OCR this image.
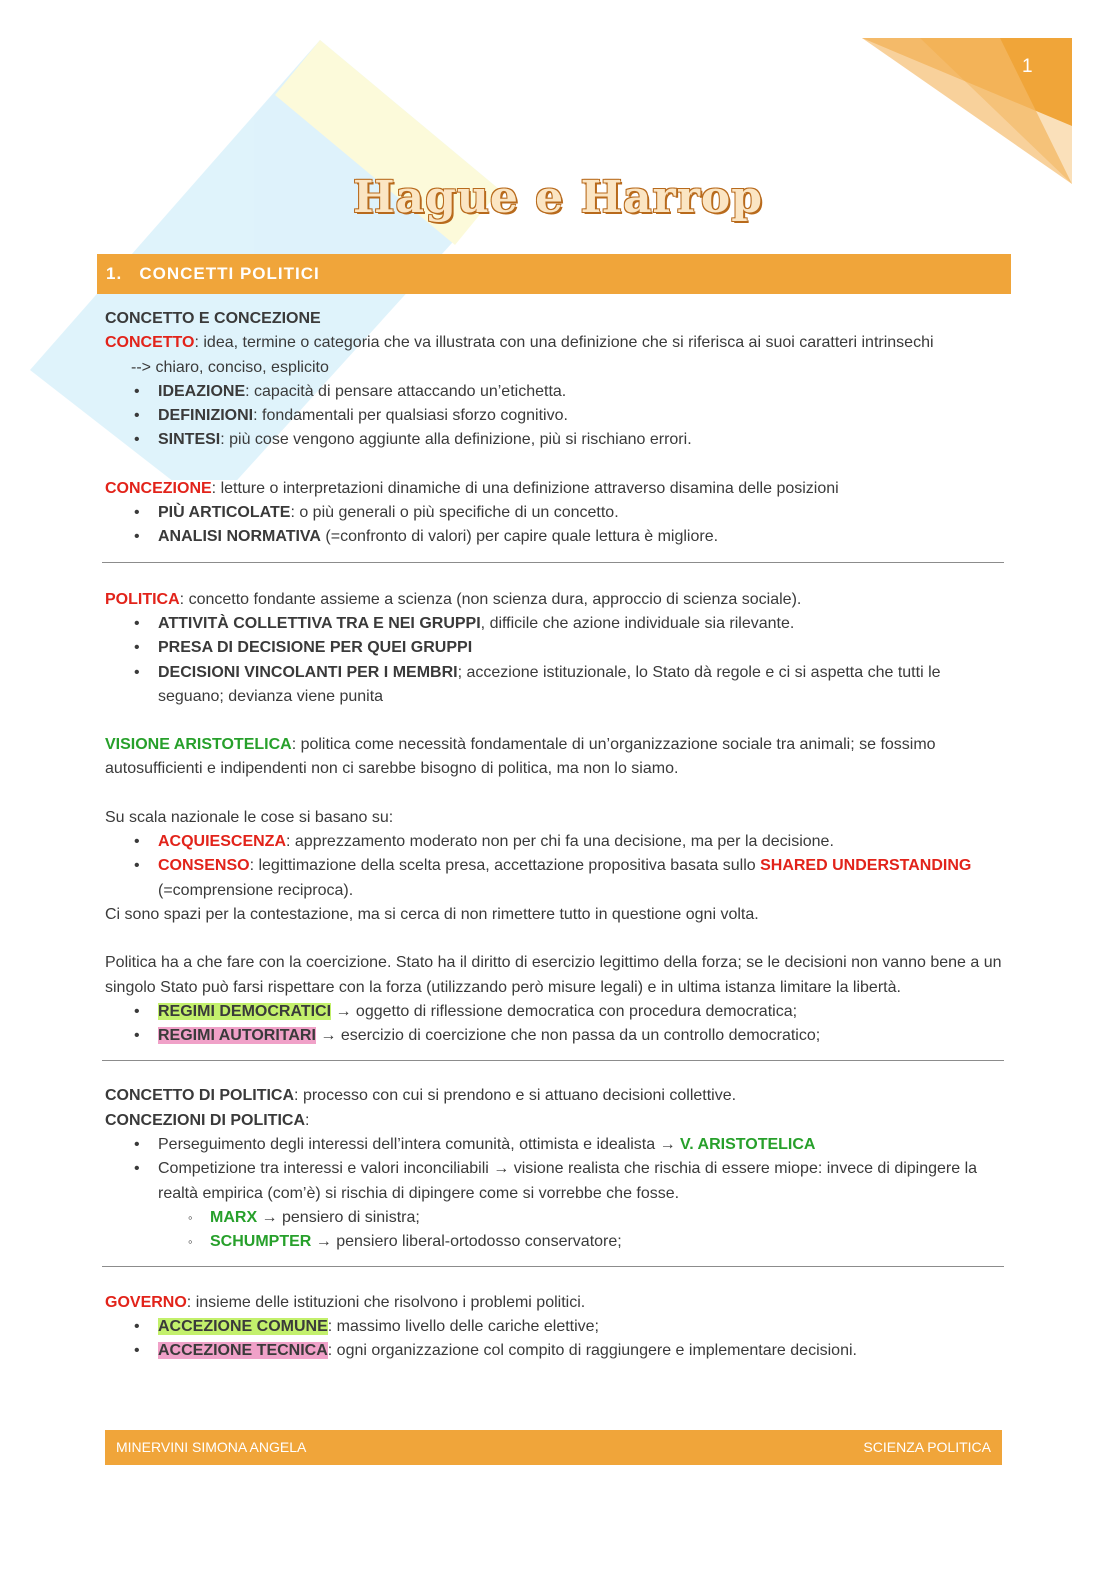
1
Hague e Harrop
1. CONCETTI POLITICI

CONCETTO E CONCEZIONE

CONCETTO: idea, termine o categoria che va illustrata con una definizione che si riferisca ai suoi caratteri intrinsechi

--> chiaro, conciso, esplicito

• IDEAZIONE: capacità di pensare attaccando un’etichetta.
• DEFINIZIONI: fondamentali per qualsiasi sforzo cognitivo.
• SINTESI: più cose vengono aggiunte alla definizione, più si rischiano errori.

CONCEZIONE: letture o interpretazioni dinamiche di una definizione attraverso disamina delle posizioni

• PIÙ ARTICOLATE: o più generali o più specifiche di un concetto.
• ANALISI NORMATIVA (=confronto di valori) per capire quale lettura è migliore.

POLITICA: concetto fondante assieme a scienza (non scienza dura, approccio di scienza sociale).

• ATTIVITÀ COLLETTIVA TRA E NEI GRUPPI, difficile che azione individuale sia rilevante.
• PRESA DI DECISIONE PER QUEI GRUPPI
• DECISIONI VINCOLANTI PER I MEMBRI; accezione istituzionale, lo Stato dà regole e ci si aspetta che tutti le seguano; devianza viene punita

VISIONE ARISTOTELICA: politica come necessità fondamentale di un’organizzazione sociale tra animali; se fossimo autosufficienti e indipendenti non ci sarebbe bisogno di politica, ma non lo siamo.

Su scala nazionale le cose si basano su:

• ACQUIESCENZA: apprezzamento moderato non per chi fa una decisione, ma per la decisione.
• CONSENSO: legittimazione della scelta presa, accettazione propositiva basata sullo SHARED UNDERSTANDING (=comprensione reciproca).

Ci sono spazi per la contestazione, ma si cerca di non rimettere tutto in questione ogni volta.

Politica ha a che fare con la coercizione. Stato ha il diritto di esercizio legittimo della forza; se le decisioni non vanno bene a un singolo Stato può farsi rispettare con la forza (utilizzando però misure legali) e in ultima istanza limitare la libertà.

• REGIMI DEMOCRATICI → oggetto di riflessione democratica con procedura democratica;
• REGIMI AUTORITARI → esercizio di coercizione che non passa da un controllo democratico;

CONCETTO DI POLITICA: processo con cui si prendono e si attuano decisioni collettive.

CONCEZIONI DI POLITICA:

• Perseguimento degli interessi dell’intera comunità, ottimista e idealista → V. ARISTOTELICA
• Competizione tra interessi e valori inconciliabili → visione realista che rischia di essere miope: invece di dipingere la realtà empirica (com’è) si rischia di dipingere come si vorrebbe che fosse.
◦ MARX → pensiero di sinistra;
◦ SCHUMPTER → pensiero liberal-ortodosso conservatore;

GOVERNO: insieme delle istituzioni che risolvono i problemi politici.

• ACCEZIONE COMUNE: massimo livello delle cariche elettive;
• ACCEZIONE TECNICA: ogni organizzazione col compito di raggiungere e implementare decisioni.
MINERVINI SIMONA ANGELA	SCIENZA POLITICA
